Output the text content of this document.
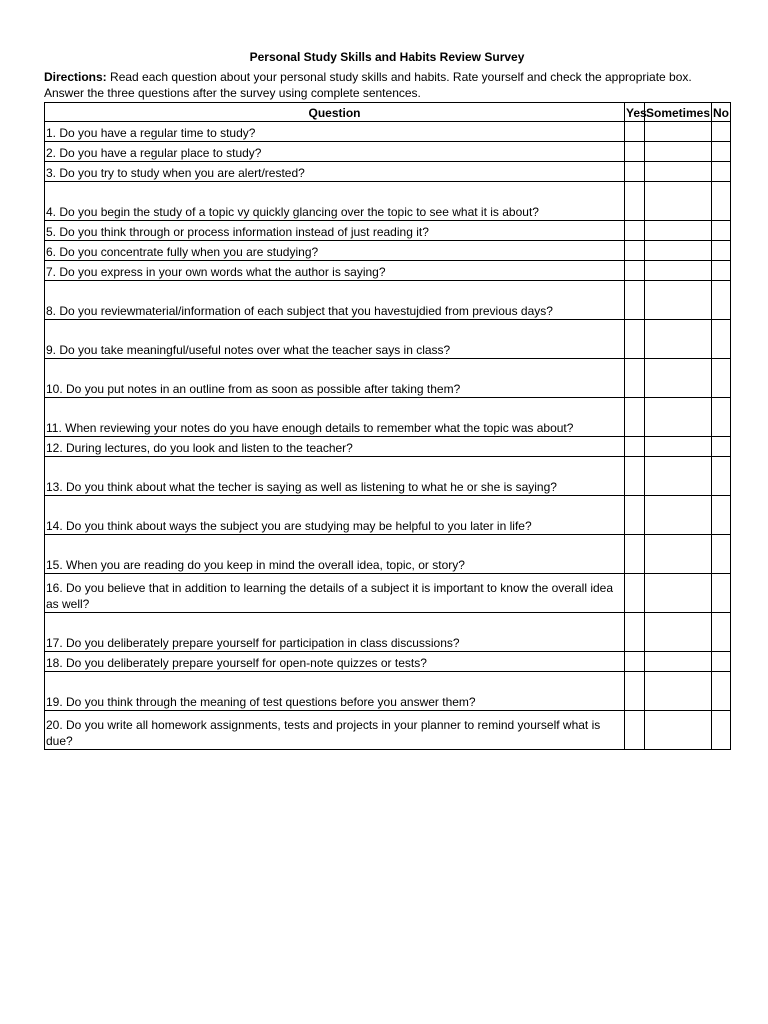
Personal Study Skills and Habits Review Survey
Directions: Read each question about your personal study skills and habits. Rate yourself and check the appropriate box.
Answer the three questions after the survey using complete sentences.
Question	Yes	Sometimes	No
1. Do you have a regular time to study?			
2. Do you have a regular place to study?			
3. Do you try to study when you are alert/rested?			
4. Do you begin the study of a topic vy quickly glancing over the topic to see what it is about?			
5. Do you think through or process information instead of just reading it?			
6. Do you concentrate fully when you are studying?			
7. Do you express in your own words what the author is saying?			
8. Do you reviewmaterial/information of each subject that you havestujdied from previous days?			
9. Do you take meaningful/useful notes over what the teacher says in class?			
10. Do you put notes in an outline from as soon as possible after taking them?			
11. When reviewing your notes do you have enough details to remember what the topic was about?			
12. During lectures, do you look and listen to the teacher?			
13. Do you think about what the techer is saying as well as listening to what he or she is saying?			
14. Do you think about ways the subject you are studying may be helpful to you later in life?			
15. When you are reading do you keep in mind the overall idea, topic, or story?			
16. Do you believe that in addition to learning the details of a subject it is important to know the overall idea as well?			
17. Do you deliberately prepare yourself for participation in class discussions?			
18. Do you deliberately prepare yourself for open-note quizzes or tests?			
19. Do you think through the meaning of test questions before you answer them?			
20. Do you write all homework assignments, tests and projects in your planner to remind yourself what is due?			
